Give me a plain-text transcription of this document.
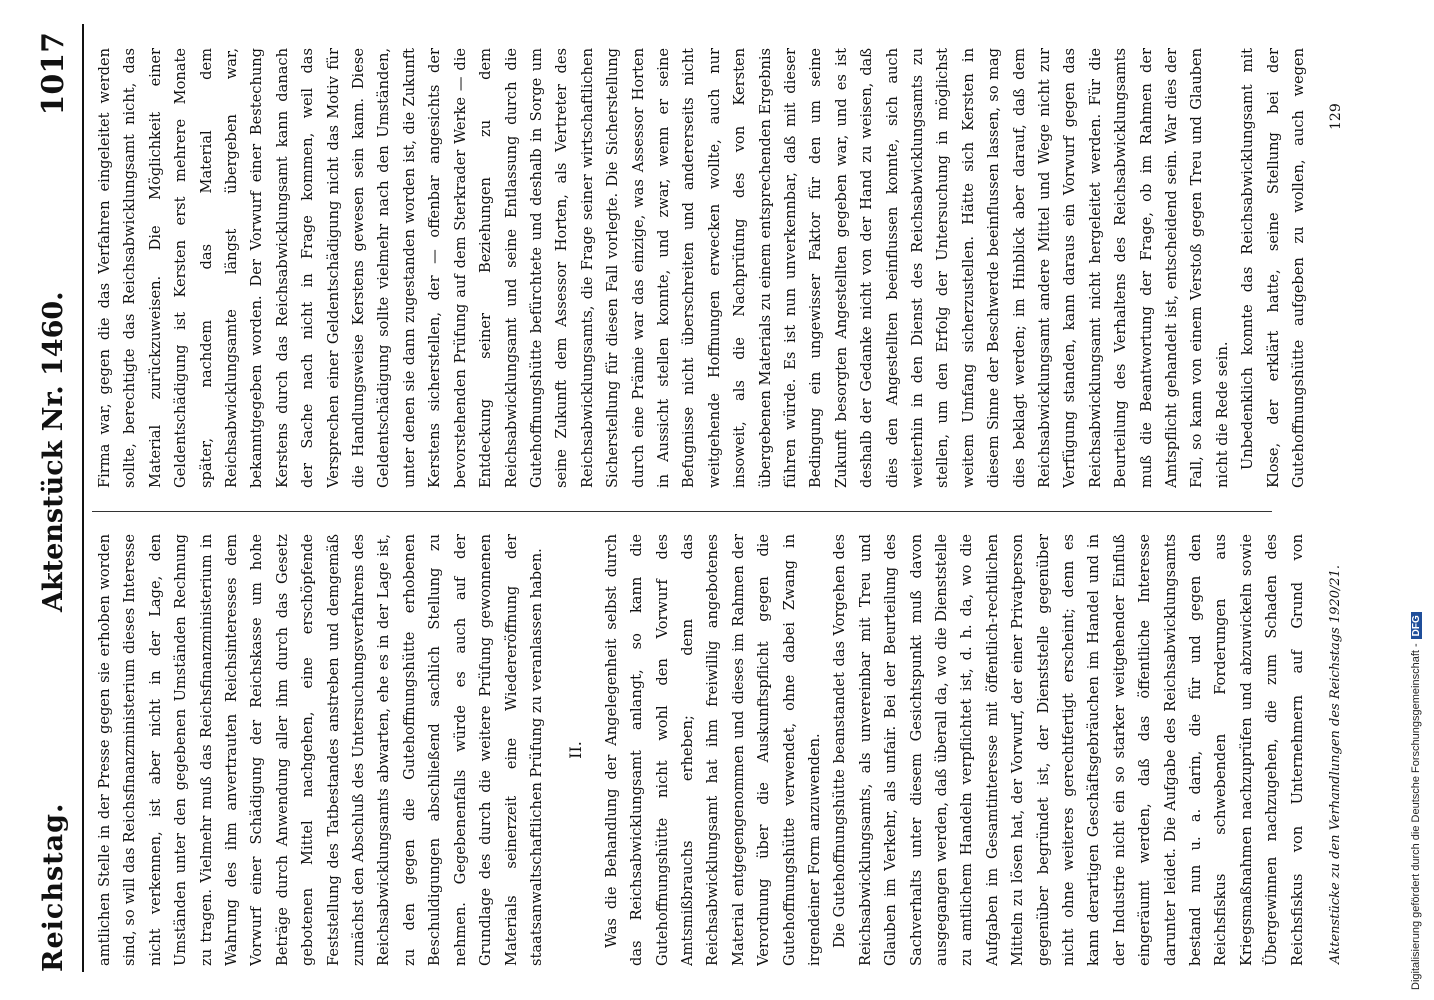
Reichstag.
Aktenstück Nr. 1460.
1017

amtlichen Stelle in der Presse gegen sie erhoben worden sind, so will das Reichsfinanzministerium dieses Interesse nicht verkennen, ist aber nicht in der Lage, den Umständen unter den gegebenen Umständen Rechnung zu tragen. Vielmehr muß das Reichsfinanzministerium in Wahrung des ihm anvertrauten Reichsinteresses dem Vorwurf einer Schädigung der Reichskasse um hohe Beträge durch Anwendung aller ihm durch das Gesetz gebotenen Mittel nachgehen, eine erschöpfende Feststellung des Tatbestandes anstreben und demgemäß zunächst den Abschluß des Untersuchungsverfahrens des Reichsabwicklungsamts abwarten, ehe es in der Lage ist, zu den gegen die Gutehoffnungshütte erhobenen Beschuldigungen abschließend sachlich Stellung zu nehmen. Gegebenenfalls würde es auch auf der Grundlage des durch die weitere Prüfung gewonnenen Materials seinerzeit eine Wiedereröffnung der staatsanwaltschaftlichen Prüfung zu veranlassen haben. II. Was die Behandlung der Angelegenheit selbst durch das Reichsabwicklungsamt anlangt, so kann die Gutehoffnungshütte nicht wohl den Vorwurf des Amtsmißbrauchs erheben; denn das Reichsabwicklungsamt hat ihm freiwillig angebotenes Material entgegengenommen und dieses im Rahmen der Verordnung über die Auskunftspflicht gegen die Gutehoffnungshütte verwendet, ohne dabei Zwang in irgendeiner Form anzuwenden. Die Gutehoffnungshütte beanstandet das Vorgehen des Reichsabwicklungsamts, als unvereinbar mit Treu und Glauben im Verkehr, als unfair. Bei der Beurteilung des Sachverhalts unter diesem Gesichtspunkt muß davon ausgegangen werden, daß überall da, wo die Dienststelle zu amtlichem Handeln verpflichtet ist, d. h. da, wo die Aufgaben im Gesamtinteresse mit öffentlich-rechtlichen Mitteln zu lösen hat, der Vorwurf, der einer Privatperson gegenüber begründet ist, der Dienststelle gegenüber nicht ohne weiteres gerechtfertigt erscheint; denn es kann derartigen Geschäftsgebräuchen im Handel und in der Industrie nicht ein so starker weitgehender Einfluß eingeräumt werden, daß das öffentliche Interesse darunter leidet. Die Aufgabe des Reichsabwicklungsamts bestand nun u. a. darin, die für und gegen den Reichsfiskus schwebenden Forderungen aus Kriegsmaßnahmen nachzuprüfen und abzuwickeln sowie Übergewinnen nachzugehen, die zum Schaden des Reichsfiskus von Unternehmern auf Grund von

Firma war, gegen die das Verfahren eingeleitet werden sollte, berechtigte das Reichsabwicklungsamt nicht, das Material zurückzuweisen. Die Möglichkeit einer Geldentschädigung ist Kersten erst mehrere Monate später, nachdem das Material dem Reichsabwicklungsamte längst übergeben war, bekanntgegeben worden. Der Vorwurf einer Bestechung Kerstens durch das Reichsabwicklungsamt kann danach der Sache nach nicht in Frage kommen, weil das Versprechen einer Geldentschädigung nicht das Motiv für die Handlungsweise Kerstens gewesen sein kann. Diese Geldentschädigung sollte vielmehr nach den Umständen, unter denen sie dann zugestanden worden ist, die Zukunft Kerstens sicherstellen, der — offenbar angesichts der bevorstehenden Prüfung auf dem Sterkrader Werke — die Entdeckung seiner Beziehungen zu dem Reichsabwicklungsamt und seine Entlassung durch die Gutehoffnungshütte befürchtete und deshalb in Sorge um seine Zukunft dem Assessor Horten, als Vertreter des Reichsabwicklungsamts, die Frage seiner wirtschaftlichen Sicherstellung für diesen Fall vorlegte. Die Sicherstellung durch eine Prämie war das einzige, was Assessor Horten in Aussicht stellen konnte, und zwar, wenn er seine Befugnisse nicht überschreiten und andererseits nicht weitgehende Hoffnungen erwecken wollte, auch nur insoweit, als die Nachprüfung des von Kersten übergebenen Materials zu einem entsprechenden Ergebnis führen würde. Es ist nun unverkennbar, daß mit dieser Bedingung ein ungewisser Faktor für den um seine Zukunft besorgten Angestellten gegeben war, und es ist deshalb der Gedanke nicht von der Hand zu weisen, daß dies den Angestellten beeinflussen konnte, sich auch weiterhin in den Dienst des Reichsabwicklungsamts zu stellen, um den Erfolg der Untersuchung in möglichst weitem Umfang sicherzustellen. Hätte sich Kersten in diesem Sinne der Beschwerde beeinflussen lassen, so mag dies beklagt werden; im Hinblick aber darauf, daß dem Reichsabwicklungsamt andere Mittel und Wege nicht zur Verfügung standen, kann daraus ein Vorwurf gegen das Reichsabwicklungsamt nicht hergeleitet werden. Für die Beurteilung des Verhaltens des Reichsabwicklungsamts muß die Beantwortung der Frage, ob im Rahmen der Amtspflicht gehandelt ist, entscheidend sein. War dies der Fall, so kann von einem Verstoß gegen Treu und Glauben nicht die Rede sein. Unbedenklich konnte das Reichsabwicklungsamt mit Klose, der erklärt hatte, seine Stellung bei der Gutehoffnungshütte aufgeben zu wollen, auch wegen

Aktenstücke zu den Verhandlungen des Reichstags 1920/21.
129
Digitalisierung gefördert durch die Deutsche Forschungsgemeinschaft -DFG
